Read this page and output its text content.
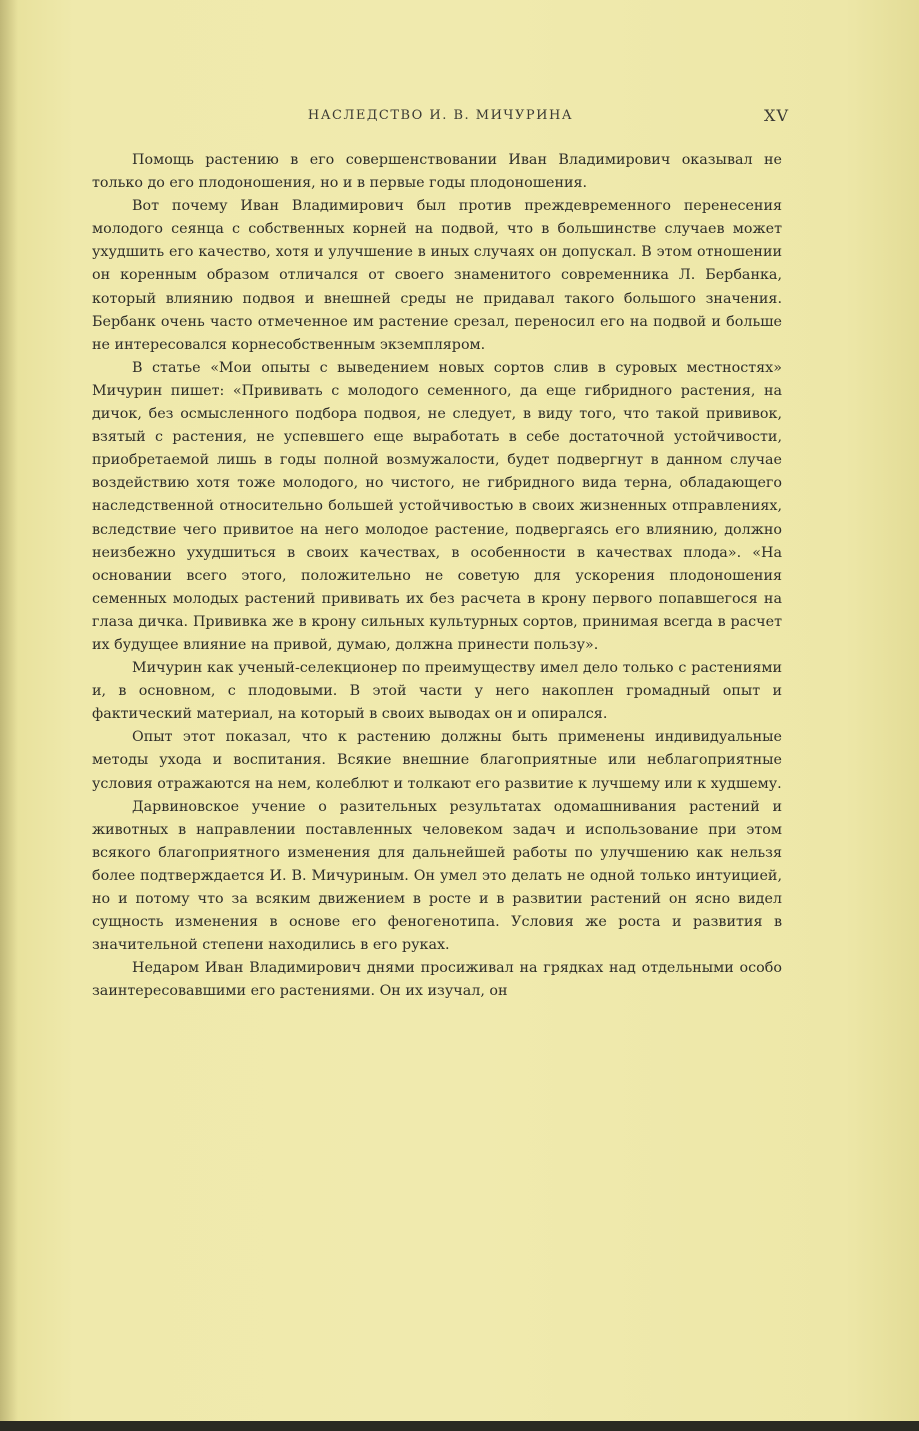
НАСЛЕДСТВО И. В. МИЧУРИНА	XV

Помощь растению в его совершенствовании Иван Владимирович оказывал не только до его плодоношения, но и в первые годы плодоношения.

Вот почему Иван Владимирович был против преждевременного перенесения молодого сеянца с собственных корней на подвой, что в большинстве случаев может ухудшить его качество, хотя и улучшение в иных случаях он допускал. В этом отношении он коренным образом отличался от своего знаменитого современника Л. Бербанка, который влиянию подвоя и внешней среды не придавал такого большого значения. Бербанк очень часто отмеченное им растение срезал, переносил его на подвой и больше не интересовался корнесобственным экземпляром.

В статье «Мои опыты с выведением новых сортов слив в суровых местностях» Мичурин пишет: «Прививать с молодого семенного, да еще гибридного растения, на дичок, без осмысленного подбора подвоя, не следует, в виду того, что такой прививок, взятый с растения, не успевшего еще выработать в себе достаточной устойчивости, приобретаемой лишь в годы полной возмужалости, будет подвергнут в данном случае воздействию хотя тоже молодого, но чистого, не гибридного вида терна, обладающего наследственной относительно большей устойчивостью в своих жизненных отправлениях, вследствие чего привитое на него молодое растение, подвергаясь его влиянию, должно неизбежно ухудшиться в своих качествах, в особенности в качествах плода». «На основании всего этого, положительно не советую для ускорения плодоношения семенных молодых растений прививать их без расчета в крону первого попавшегося на глаза дичка. Прививка же в крону сильных культурных сортов, принимая всегда в расчет их будущее влияние на привой, думаю, должна принести пользу».

Мичурин как ученый-селекционер по преимуществу имел дело только с растениями и, в основном, с плодовыми. В этой части у него накоплен громадный опыт и фактический материал, на который в своих выводах он и опирался.

Опыт этот показал, что к растению должны быть применены индивидуальные методы ухода и воспитания. Всякие внешние благоприятные или неблагоприятные условия отражаются на нем, колеблют и толкают его развитие к лучшему или к худшему.

Дарвиновское учение о разительных результатах одомашнивания растений и животных в направлении поставленных человеком задач и использование при этом всякого благоприятного изменения для дальнейшей работы по улучшению как нельзя более подтверждается И. В. Мичуриным. Он умел это делать не одной только интуицией, но и потому что за всяким движением в росте и в развитии растений он ясно видел сущность изменения в основе его феногенотипа. Условия же роста и развития в значительной степени находились в его руках.

Недаром Иван Владимирович днями просиживал на грядках над отдельными особо заинтересовавшими его растениями. Он их изучал, он
